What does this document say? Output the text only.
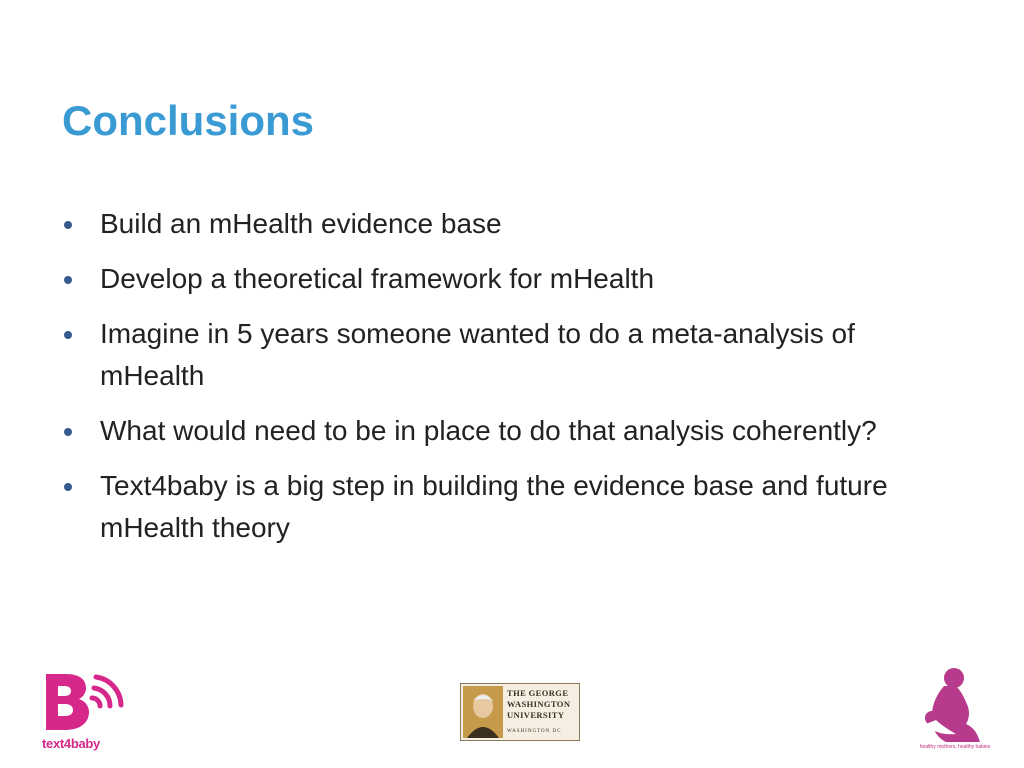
Conclusions
Build an mHealth evidence base
Develop a theoretical framework for mHealth
Imagine in 5 years someone wanted to do a meta-analysis of mHealth
What would need to be in place to do that analysis coherently?
Text4baby is a big step in building the evidence base and future mHealth theory
text4baby
THE GEORGE
WASHINGTON
UNIVERSITY
WASHINGTON DC
healthy mothers, healthy babies
